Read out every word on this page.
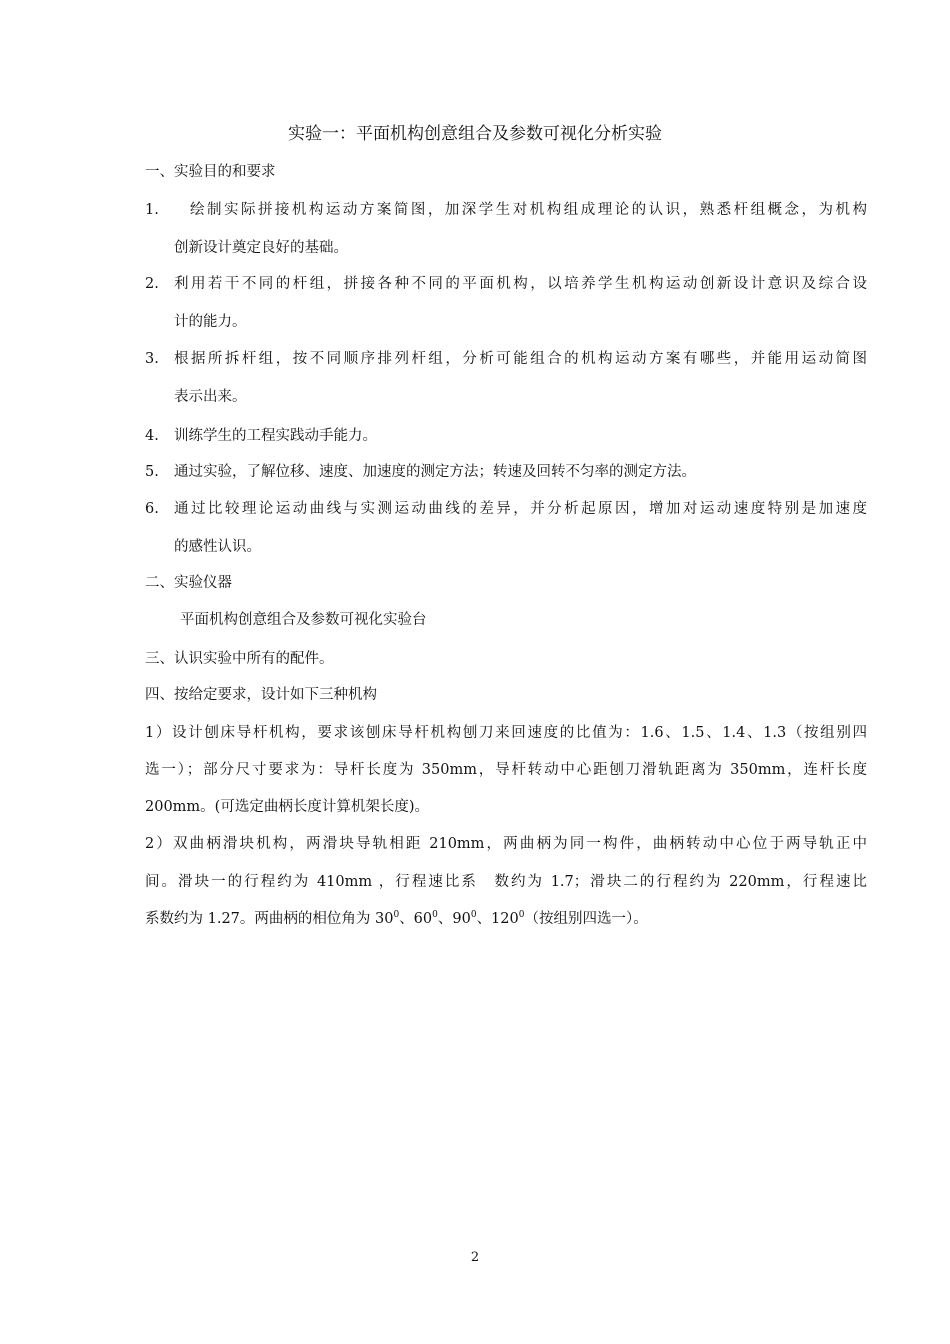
实验一：平面机构创意组合及参数可视化分析实验
一、实验目的和要求
1. 绘制实际拼接机构运动方案简图，加深学生对机构组成理论的认识，熟悉杆组概念，为机构
创新设计奠定良好的基础。
2. 利用若干不同的杆组，拼接各种不同的平面机构，以培养学生机构运动创新设计意识及综合设
计的能力。
3. 根据所拆杆组，按不同顺序排列杆组，分析可能组合的机构运动方案有哪些，并能用运动简图
表示出来。
4. 训练学生的工程实践动手能力。
5. 通过实验，了解位移、速度、加速度的测定方法；转速及回转不匀率的测定方法。
6. 通过比较理论运动曲线与实测运动曲线的差异，并分析起原因，增加对运动速度特别是加速度
的感性认识。
二、实验仪器
平面机构创意组合及参数可视化实验台
三、认识实验中所有的配件。
四、按给定要求，设计如下三种机构
1）设计刨床导杆机构，要求该刨床导杆机构刨刀来回速度的比值为：1.6、1.5、1.4、1.3（按组别四
选一）；部分尺寸要求为：导杆长度为 350mm，导杆转动中心距刨刀滑轨距离为 350mm，连杆长度
200mm。(可选定曲柄长度计算机架长度)。
2）双曲柄滑块机构，两滑块导轨相距 210mm，两曲柄为同一构件，曲柄转动中心位于两导轨正中
间。滑块一的行程约为 410mm ，行程速比系　数约为 1.7；滑块二的行程约为 220mm，行程速比
系数约为 1.27。两曲柄的相位角为 $30^0$、$60^0$、$90^0$、$120^0$（按组别四选一）。
2
